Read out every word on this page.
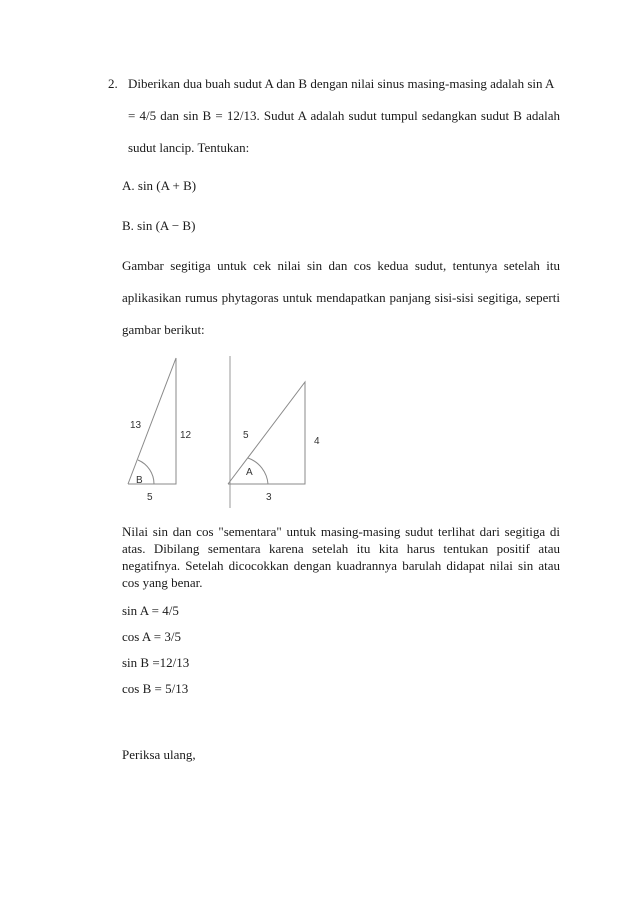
2. Diberikan dua buah sudut A dan B dengan nilai sinus masing-masing adalah sin A
= 4/5 dan sin B = 12/13. Sudut A adalah sudut tumpul sedangkan sudut B adalah
sudut lancip. Tentukan:
A. sin (A + B)
B. sin (A − B)
Gambar segitiga untuk cek nilai sin dan cos kedua sudut, tentunya setelah itu
aplikasikan rumus phytagoras untuk mendapatkan panjang sisi-sisi segitiga, seperti
gambar berikut:
13
12
5
B
5
4
3
A
Nilai sin dan cos "sementara" untuk masing-masing sudut terlihat dari segitiga di
atas. Dibilang sementara karena setelah itu kita harus tentukan positif atau
negatifnya. Setelah dicocokkan dengan kuadrannya barulah didapat nilai sin atau
cos yang benar.
sin A = 4/5
cos A = 3/5
sin B =12/13
cos B = 5/13
Periksa ulang,
